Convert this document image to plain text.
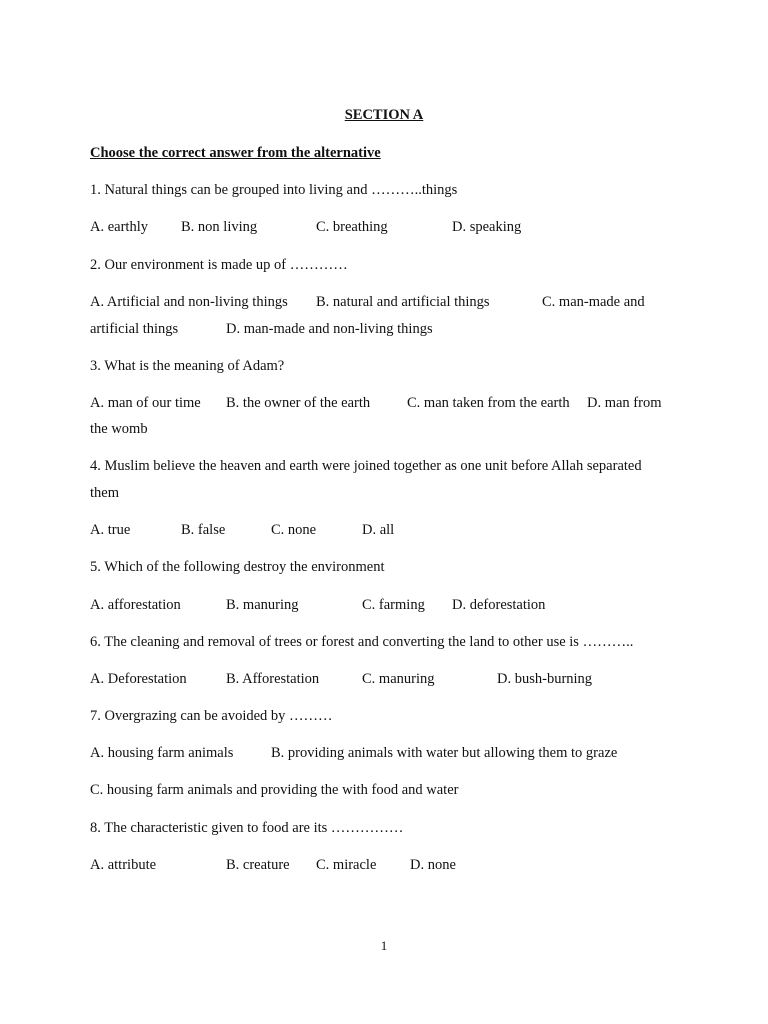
SECTION A
Choose the correct answer from the alternative
1. Natural things can be grouped into living and ………..things
A. earthly B. non living	C. breathing	D. speaking
2. Our environment is made up of …………
A. Artificial and non-living things B. natural and artificial things	C. man-made and
artificial things	D. man-made and non-living things
3. What is the meaning of Adam?
A. man of our time B. the owner of the earth	C. man taken from the earth D. man from
the womb
4. Muslim believe the heaven and earth were joined together as one unit before Allah separated
them
A. true	B. false	C. none	D. all
5. Which of the following destroy the environment
A. afforestation	B. manuring	C. farming D. deforestation
6. The cleaning and removal of trees or forest and converting the land to other use is ………..
A. Deforestation	B. Afforestation	C. manuring	D. bush-burning
7. Overgrazing can be avoided by ………
A. housing farm animals	B. providing animals with water but allowing them to graze
C. housing farm animals and providing the with food and water
8. The characteristic given to food are its ……………
A. attribute	B. creature C. miracle D. none
1
